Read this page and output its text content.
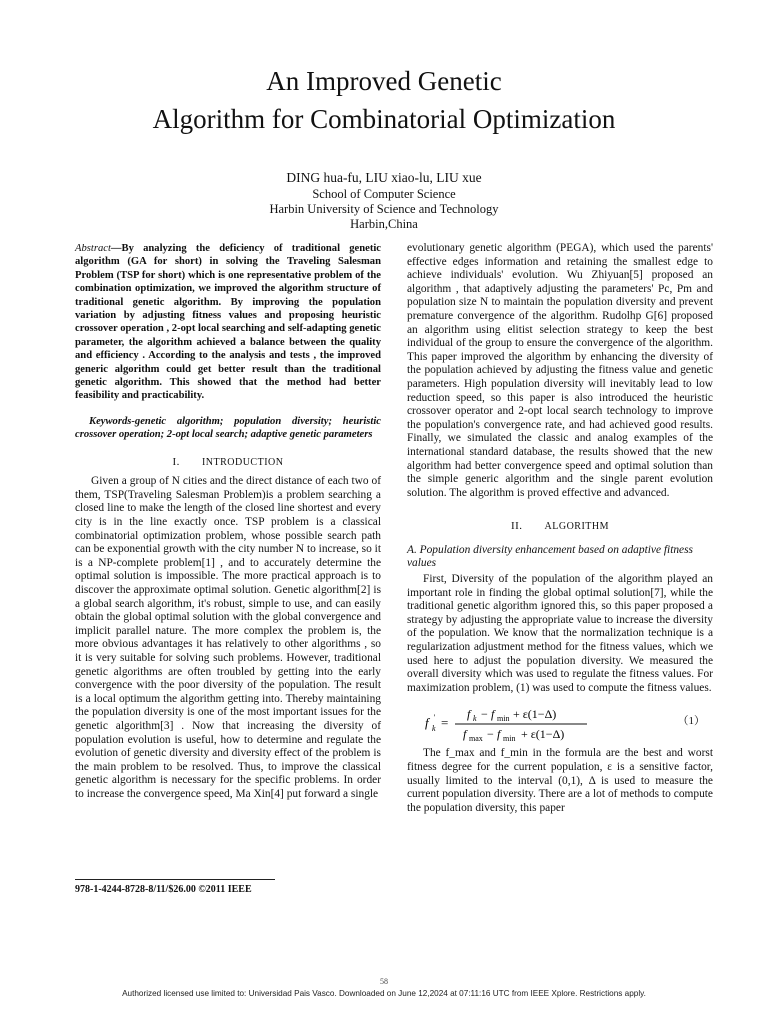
An Improved Genetic
Algorithm for Combinatorial Optimization
DING hua-fu, LIU xiao-lu, LIU xue
School of Computer Science
Harbin University of Science and Technology
Harbin,China

Abstract—By analyzing the deficiency of traditional genetic algorithm (GA for short) in solving the Traveling Salesman Problem (TSP for short) which is one representative problem of the combination optimization, we improved the algorithm structure of traditional genetic algorithm. By improving the population variation by adjusting fitness values and proposing heuristic crossover operation , 2-opt local searching and self-adapting genetic parameter, the algorithm achieved a balance between the quality and efficiency . According to the analysis and tests , the improved generic algorithm could get better result than the traditional genetic algorithm. This showed that the method had better feasibility and practicability.

Keywords-genetic algorithm; population diversity; heuristic crossover operation; 2-opt local search; adaptive genetic parameters

I. INTRODUCTION

Given a group of N cities and the direct distance of each two of them, TSP(Traveling Salesman Problem)is a problem searching a closed line to make the length of the closed line shortest and every city is in the line exactly once. TSP problem is a classical combinatorial optimization problem, whose possible search path can be exponential growth with the city number N to increase, so it is a NP-complete problem[1] , and to accurately determine the optimal solution is impossible. The more practical approach is to discover the approximate optimal solution. Genetic algorithm[2] is a global search algorithm, it's robust, simple to use, and can easily obtain the global optimal solution with the global convergence and implicit parallel nature. The more complex the problem is, the more obvious advantages it has relatively to other algorithms , so it is very suitable for solving such problems. However, traditional genetic algorithms are often troubled by getting into the early convergence with the poor diversity of the population. The result is a local optimum the algorithm getting into. Thereby maintaining the population diversity is one of the most important issues for the genetic algorithm[3] . Now that increasing the diversity of population evolution is useful, how to determine and regulate the evolution of genetic diversity and diversity effect of the problem is the main problem to be resolved. Thus, to improve the classical genetic algorithm is necessary for the specific problems. In order to increase the convergence speed, Ma Xin[4] put forward a single

evolutionary genetic algorithm (PEGA), which used the parents' effective edges information and retaining the smallest edge to achieve individuals' evolution. Wu Zhiyuan[5] proposed an algorithm , that adaptively adjusting the parameters' Pc, Pm and population size N to maintain the population diversity and prevent premature convergence of the algorithm. Rudolhp G[6] proposed an algorithm using elitist selection strategy to keep the best individual of the group to ensure the convergence of the algorithm. This paper improved the algorithm by enhancing the diversity of the population achieved by adjusting the fitness value and genetic parameters. High population diversity will inevitably lead to low reduction speed, so this paper is also introduced the heuristic crossover operator and 2-opt local search technology to improve the population's convergence rate, and had achieved good results. Finally, we simulated the classic and analog examples of the international standard database, the results showed that the new algorithm had better convergence speed and optimal solution than the simple generic algorithm and the single parent evolution solution. The algorithm is proved effective and advanced.

II. ALGORITHM

A. Population diversity enhancement based on adaptive fitness values

First, Diversity of the population of the algorithm played an important role in finding the global optimal solution[7], while the traditional genetic algorithm ignored this, so this paper proposed a strategy by adjusting the appropriate value to increase the diversity of the population. We know that the normalization technique is a regularization adjustment method for the fitness values, which we used here to adjust the population diversity. We measured the overall diversity which was used to regulate the fitness values. For maximization problem, (1) was used to compute the fitness values.

f k
' =
f k − f min + ε(1−Δ)
f max − f min + ε(1−Δ)
（1）

The f_max and f_min in the formula are the best and worst fitness degree for the current population, ε is a sensitive factor, usually limited to the interval (0,1), Δ is used to measure the current population diversity. There are a lot of methods to compute the population diversity, this paper

978-1-4244-8728-8/11/$26.00 ©2011 IEEE
58
Authorized licensed use limited to: Universidad Pais Vasco. Downloaded on June 12,2024 at 07:11:16 UTC from IEEE Xplore. Restrictions apply.
